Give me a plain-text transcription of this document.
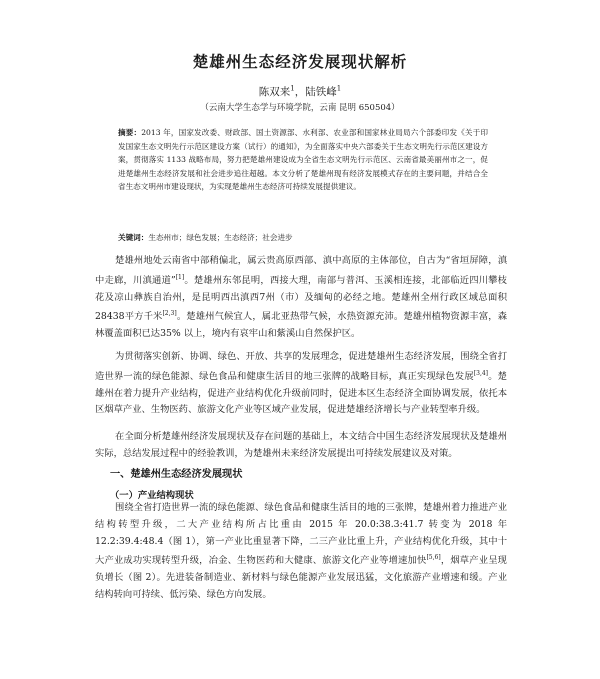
楚雄州生态经济发展现状解析
陈双来$^1$，陆铁峰$^1$
（云南大学生态学与环境学院，云南 昆明 650504）

摘要：2013 年，国家发改委、财政部、国土资源部、水利部、农业部和国家林业局局六个部委印发《关于印发国家生态文明先行示范区建设方案（试行）的通知》，为全面落实中央六部委关于生态文明先行示范区建设方案，贯彻落实 1133 战略布局，努力把楚雄州建设成为全省生态文明先行示范区、云南省最美丽州市之一，促进楚雄州生态经济发展和社会进步追往超越。本文分析了楚雄州现有经济发展模式存在的主要问题，并结合全省生态文明州市建设现状，为实现楚雄州生态经济可持续发展提供建议。

关键词：生态州市；绿色发展；生态经济；社会进步

楚雄州地处云南省中部稍偏北，属云贵高原西部、滇中高原的主体部位，自古为“省垣屏障，滇中走廊，川滇通道”[1]。楚雄州东邻昆明，西接大理，南部与普洱、玉溪相连接，北部临近四川攀枝花及凉山彝族自治州，是昆明西出滇西7州（市）及缅甸的必经之地。楚雄州全州行政区域总面积28438平方千米[2,3]。楚雄州气候宜人，属北亚热带气候，水热资源充沛。楚雄州植物资源丰富，森林覆盖面积已达35% 以上，境内有哀牢山和紫溪山自然保护区。

为贯彻落实创新、协调、绿色、开放、共享的发展理念，促进楚雄州生态经济发展，围绕全省打造世界一流的绿色能源、绿色食品和健康生活目的地三张牌的战略目标，真正实现绿色发展[3,4]。楚雄州在着力提升产业结构，促进产业结构优化升级前同时，促进本区生态经济全面协调发展，依托本区烟草产业、生物医药、旅游文化产业等区域产业发展，促进楚雄经济增长与产业转型率升级。

在全面分析楚雄州经济发展现状及存在问题的基础上，本文结合中国生态经济发展现状及楚雄州实际，总结发展过程中的经验教训，为楚雄州未来经济发展提出可持续发展建议及对策。

一、楚雄州生态经济发展现状
（一）产业结构现状

围绕全省打造世界一流的绿色能源、绿色食品和健康生活目的地的三张牌，楚雄州着力推进产业结构转型升级，二大产业结构所占比重由 2015 年 20.0:38.3:41.7 转变为 2018 年 12.2:39.4:48.4（图 1），第一产业比重显著下降，二三产业比重上升，产业结构优化升级，其中十大产业成功实现转型升级，冶金、生物医药和大健康、旅游文化产业等增速加快[5,6]，烟草产业呈现负增长（图 2）。先进装备制造业、新材料与绿色能源产业发展迅猛，文化旅游产业增速和缓。产业结构转向可持续、低污染、绿色方向发展。
